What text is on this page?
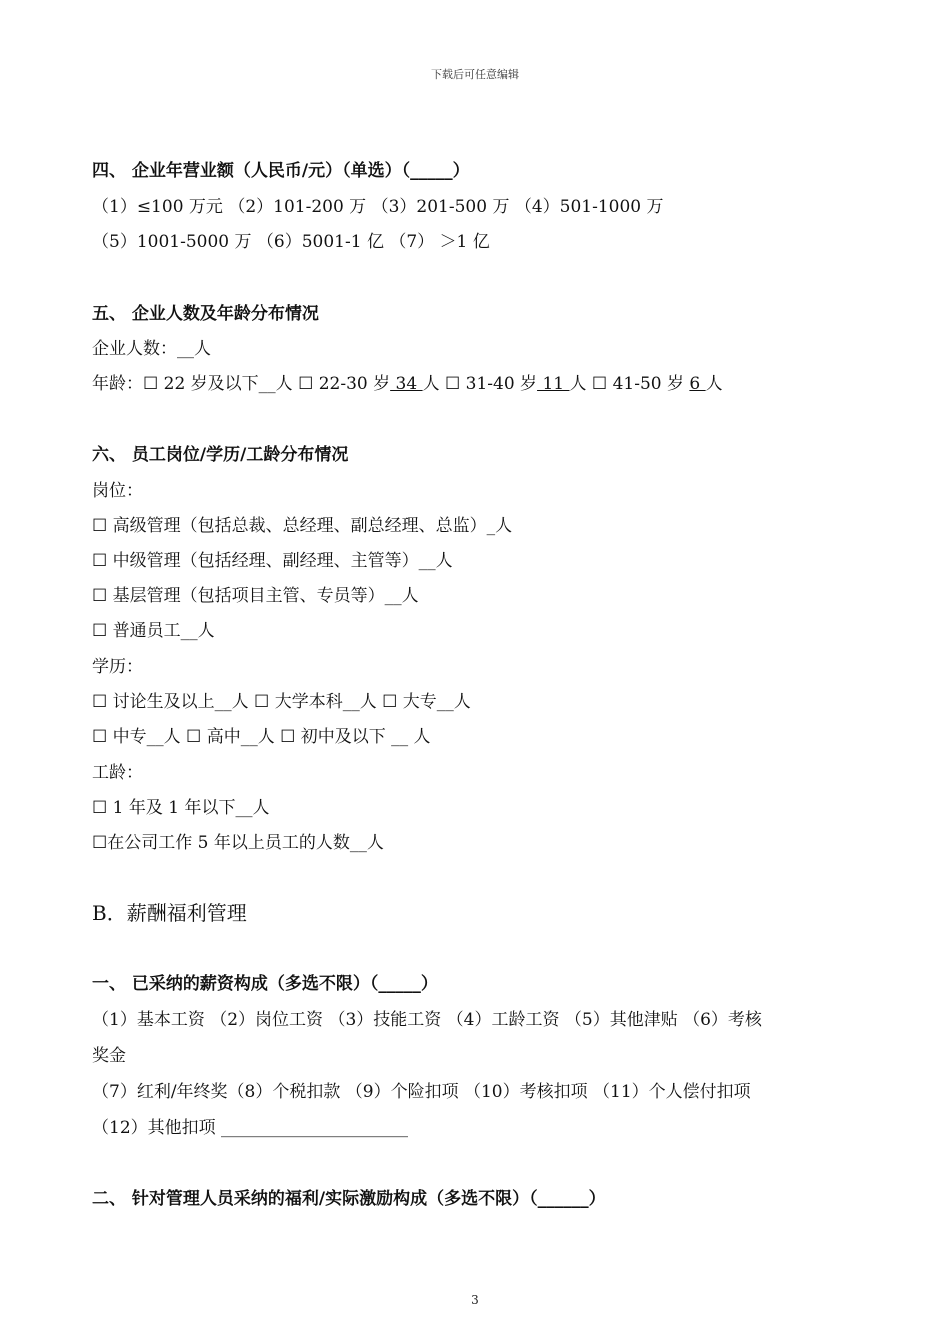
下载后可任意编辑
四、 企业年营业额（人民币/元）（单选）（_____）
（1）≤100 万元 （2）101-200 万 （3）201-500 万 （4）501-1000 万
（5）1001-5000 万 （6）5001-1 亿 （7） ＞1 亿
五、 企业人数及年龄分布情况
企业人数：__人
年龄：☐ 22 岁及以下__人 ☐ 22-30 岁 34 人 ☐ 31-40 岁 11 人 ☐ 41-50 岁 6 人
六、 员工岗位/学历/工龄分布情况
岗位：
☐ 高级管理（包括总裁、总经理、副总经理、总监）_人
☐ 中级管理（包括经理、副经理、主管等）__人
☐ 基层管理（包括项目主管、专员等）__人
☐ 普通员工__人
学历：
☐ 讨论生及以上__人 ☐ 大学本科__人 ☐ 大专__人
☐ 中专__人 ☐ 高中__人 ☐ 初中及以下 __ 人
工龄：
☐ 1 年及 1 年以下__人
☐在公司工作 5 年以上员工的人数__人
B．薪酬福利管理
一、 已采纳的薪资构成（多选不限）（_____）
（1）基本工资 （2）岗位工资 （3）技能工资 （4）工龄工资 （5）其他津贴 （6）考核
奖金
（7）红利/年终奖（8）个税扣款 （9）个险扣项 （10）考核扣项 （11）个人偿付扣项
（12）其他扣项 ______________________
二、 针对管理人员采纳的福利/实际激励构成（多选不限）（______）
3
